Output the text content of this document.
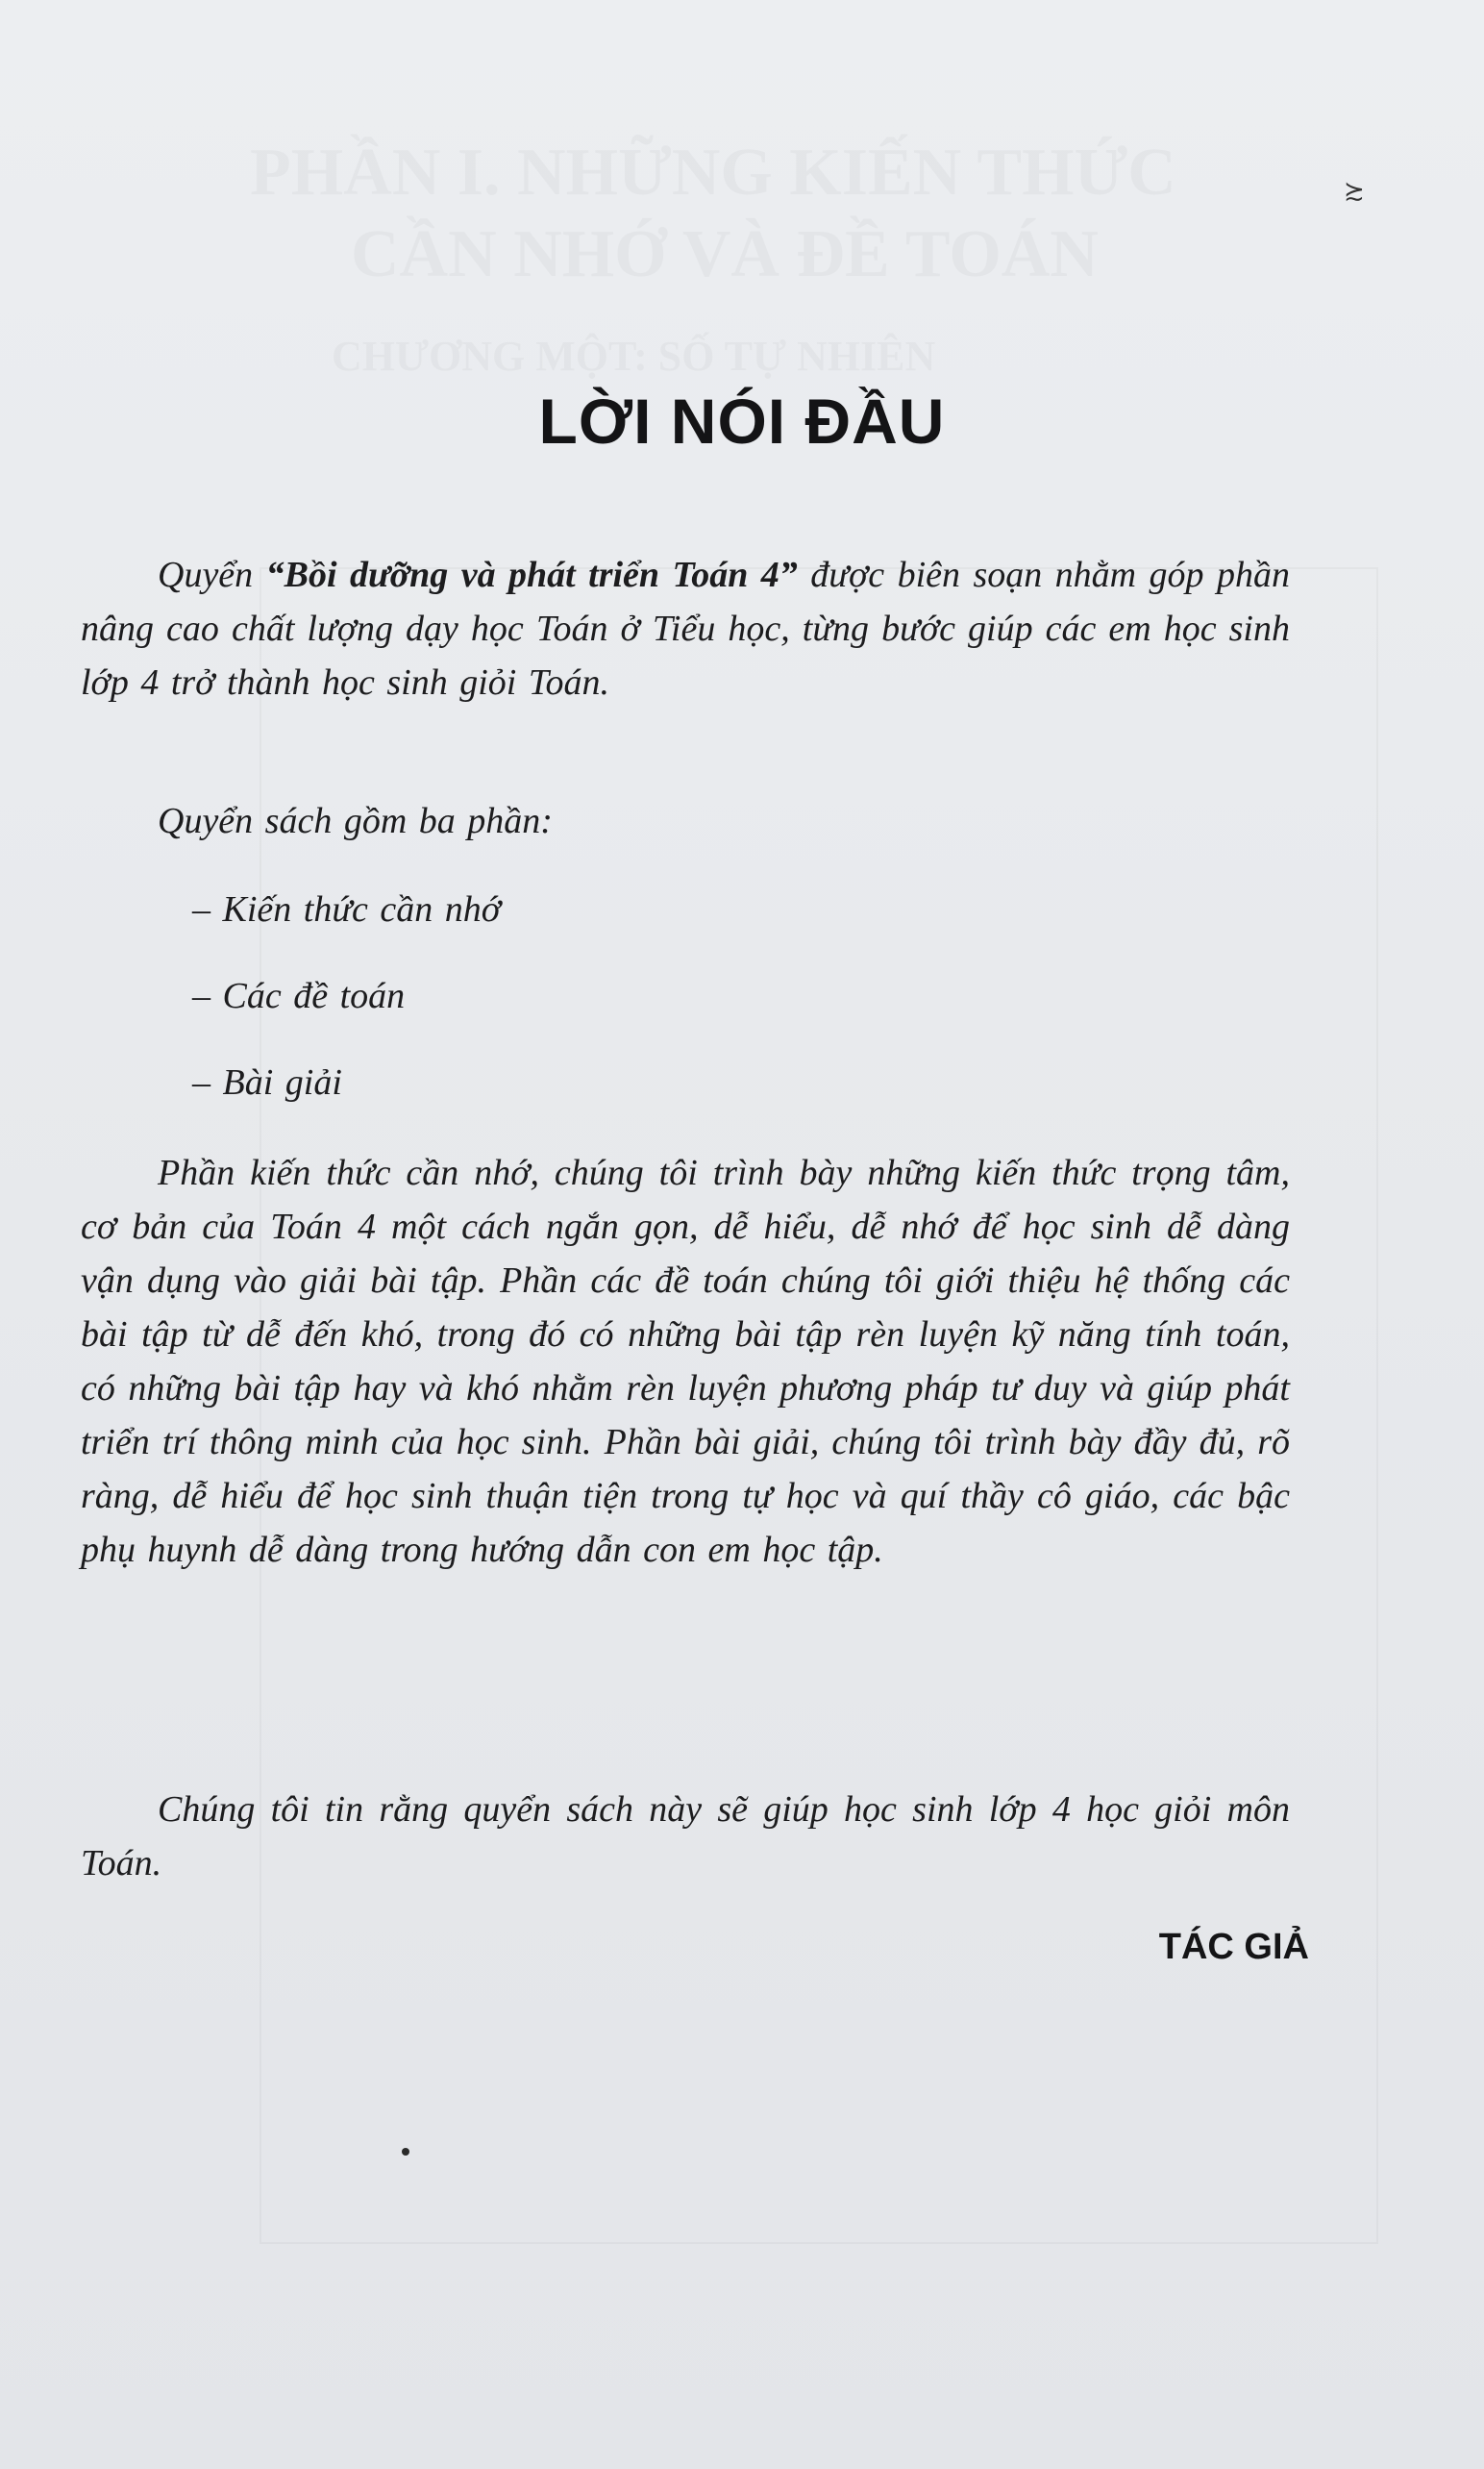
≿
LỜI NÓI ĐẦU

Quyển “Bồi dưỡng và phát triển Toán 4” được biên soạn nhằm góp phần nâng cao chất lượng dạy học Toán ở Tiểu học, từng bước giúp các em học sinh lớp 4 trở thành học sinh giỏi Toán.

Quyển sách gồm ba phần:

– Kiến thức cần nhớ

– Các đề toán

– Bài giải

Phần kiến thức cần nhớ, chúng tôi trình bày những kiến thức trọng tâm, cơ bản của Toán 4 một cách ngắn gọn, dễ hiểu, dễ nhớ để học sinh dễ dàng vận dụng vào giải bài tập. Phần các đề toán chúng tôi giới thiệu hệ thống các bài tập từ dễ đến khó, trong đó có những bài tập rèn luyện kỹ năng tính toán, có những bài tập hay và khó nhằm rèn luyện phương pháp tư duy và giúp phát triển trí thông minh của học sinh. Phần bài giải, chúng tôi trình bày đầy đủ, rõ ràng, dễ hiểu để học sinh thuận tiện trong tự học và quí thầy cô giáo, các bậc phụ huynh dễ dàng trong hướng dẫn con em học tập.

Chúng tôi tin rằng quyển sách này sẽ giúp học sinh lớp 4 học giỏi môn Toán.

TÁC GIẢ
